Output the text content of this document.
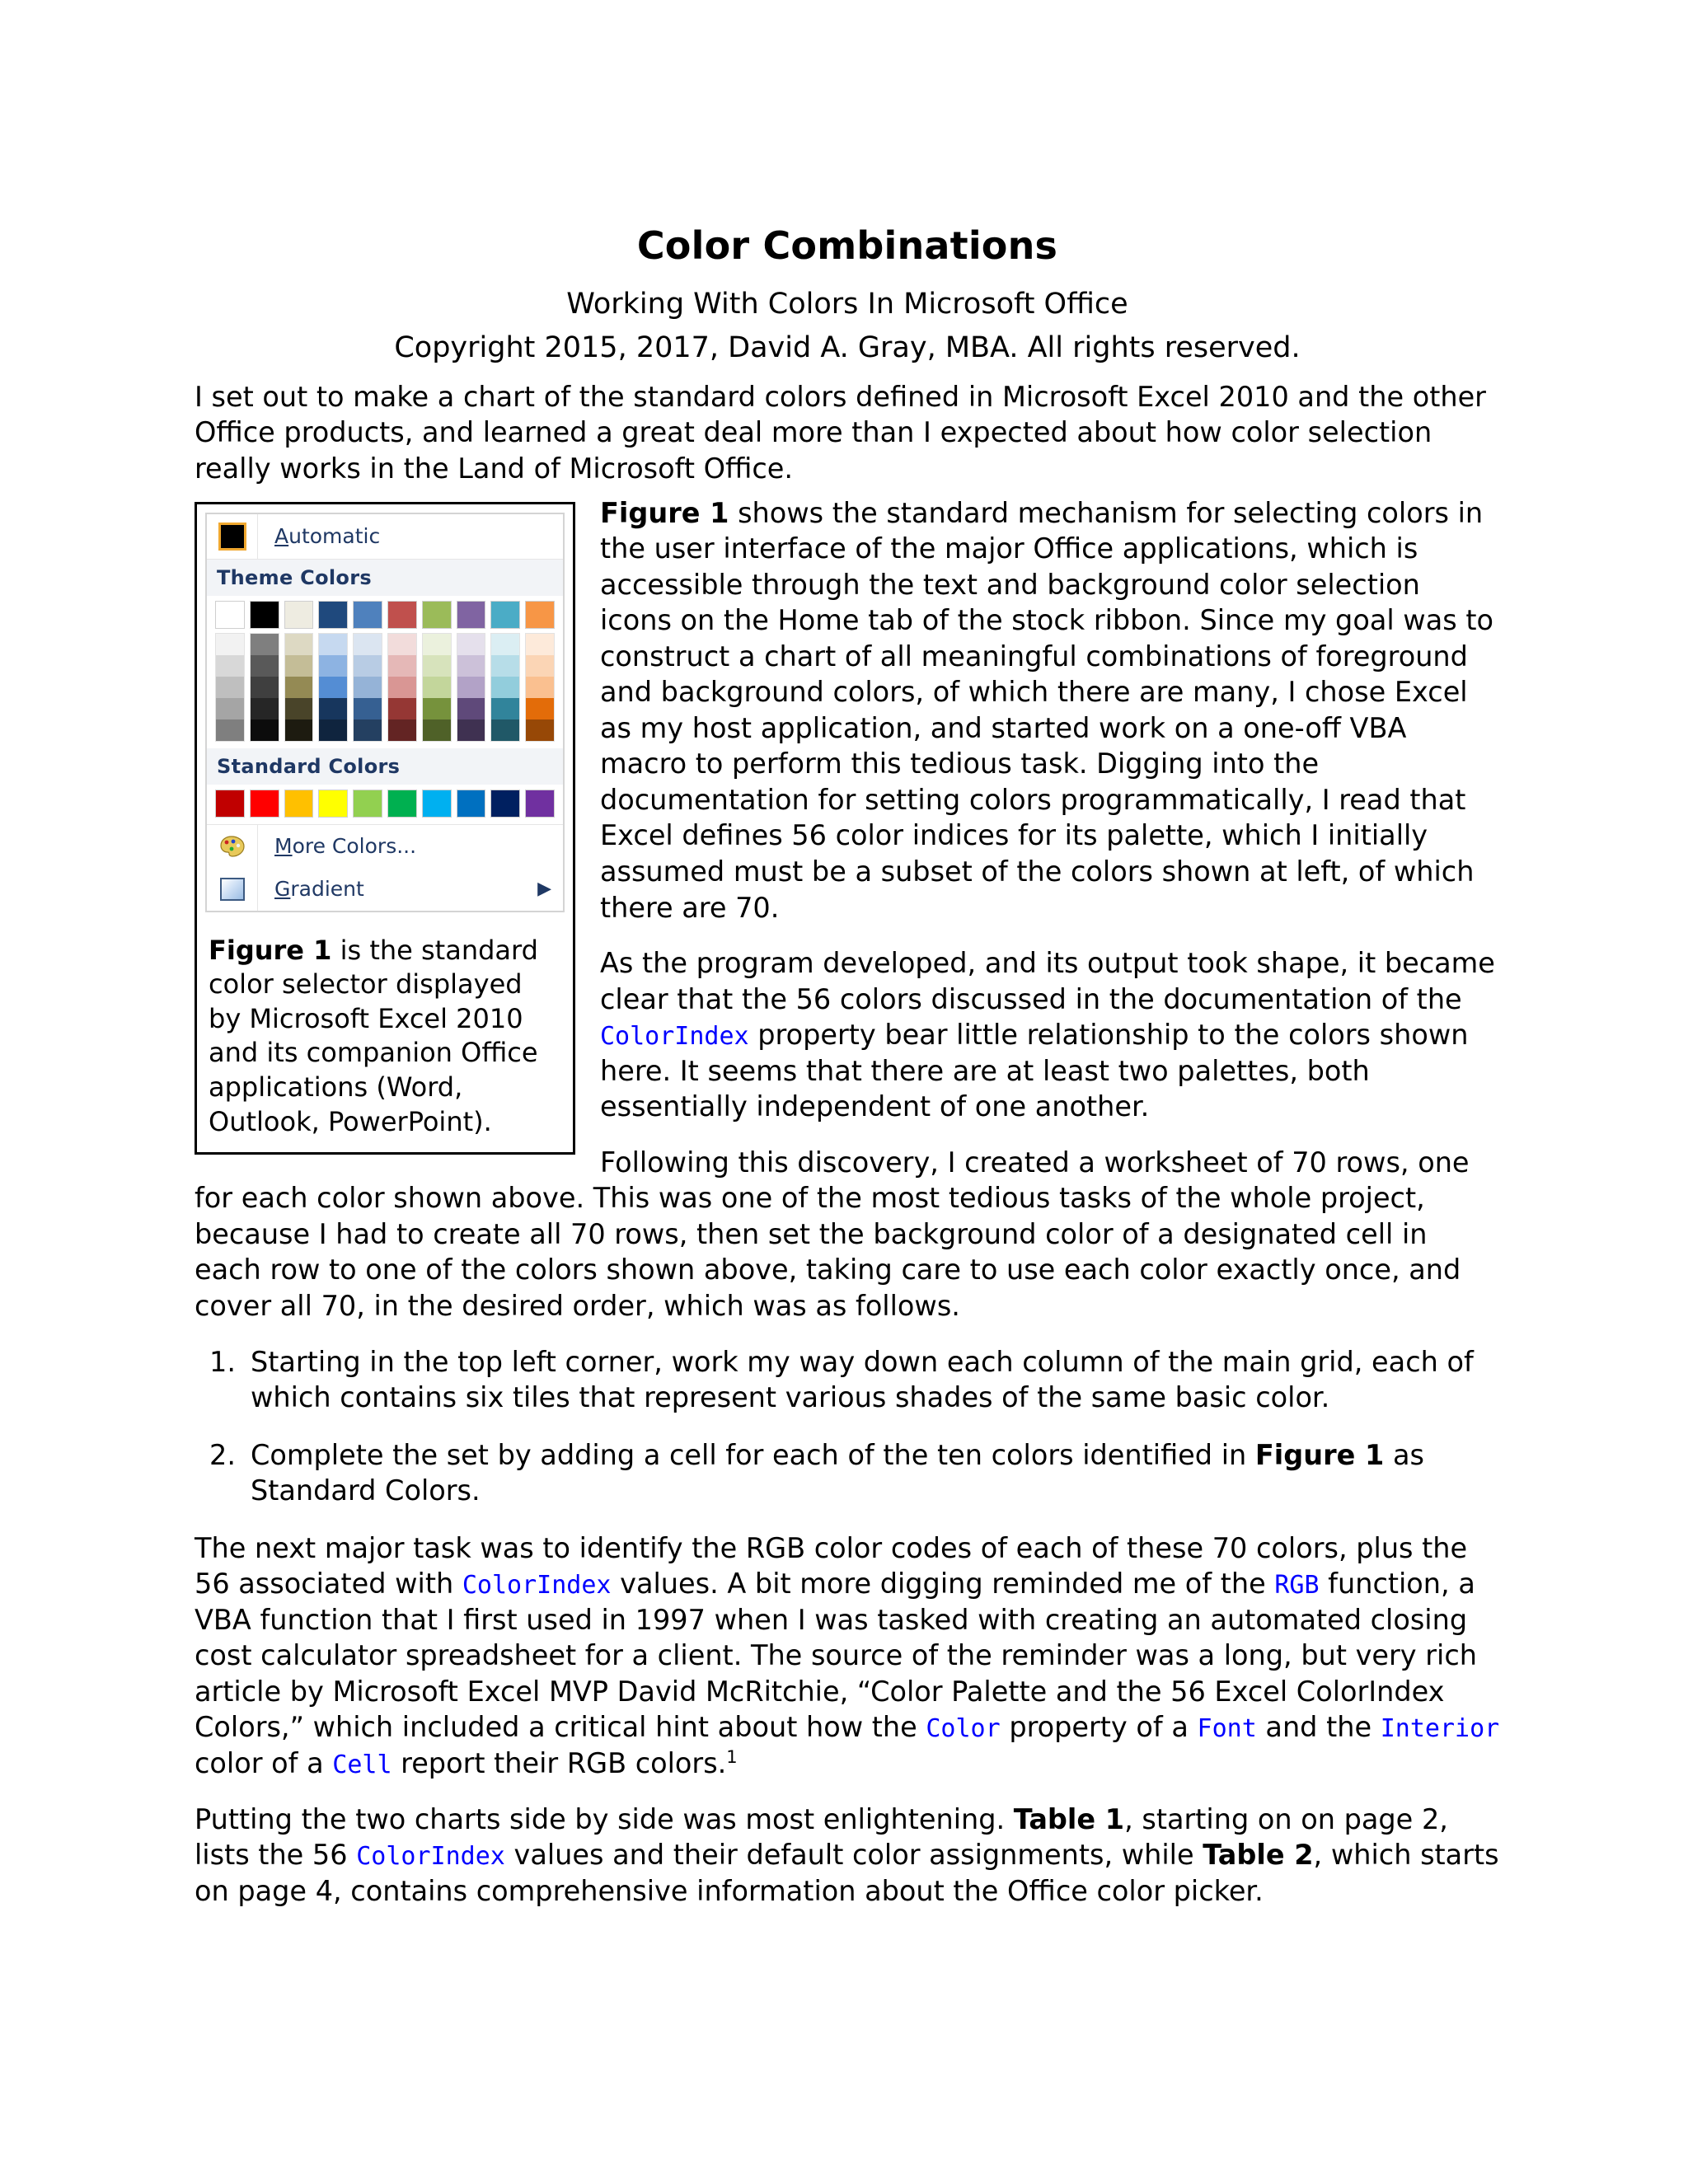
Color Combinations
Working With Colors In Microsoft Office
Copyright 2015, 2017, David A. Gray, MBA. All rights reserved.

I set out to make a chart of the standard colors defined in Microsoft Excel 2010 and the other Office products, and learned a great deal more than I expected about how color selection really works in the Land of Microsoft Office.

Automatic
Theme Colors
Standard Colors
More Colors...
Gradient	▶
Figure 1 is the standard color selector displayed by Microsoft Excel 2010 and its companion Office applications (Word, Outlook, PowerPoint).

Figure 1 shows the standard mechanism for selecting colors in the user interface of the major Office applications, which is accessible through the text and background color selection icons on the Home tab of the stock ribbon. Since my goal was to construct a chart of all meaningful combinations of foreground and background colors, of which there are many, I chose Excel as my host application, and started work on a one-off VBA macro to perform this tedious task. Digging into the documentation for setting colors programmatically, I read that Excel defines 56 color indices for its palette, which I initially assumed must be a subset of the colors shown at left, of which there are 70.

As the program developed, and its output took shape, it became clear that the 56 colors discussed in the documentation of the ColorIndex property bear little relationship to the colors shown here. It seems that there are at least two palettes, both essentially independent of one another.

Following this discovery, I created a worksheet of 70 rows, one for each color shown above. This was one of the most tedious tasks of the whole project, because I had to create all 70 rows, then set the background color of a designated cell in each row to one of the colors shown above, taking care to use each color exactly once, and cover all 70, in the desired order, which was as follows.

1. Starting in the top left corner, work my way down each column of the main grid, each of which contains six tiles that represent various shades of the same basic color.
2. Complete the set by adding a cell for each of the ten colors identified in Figure 1 as Standard Colors.

The next major task was to identify the RGB color codes of each of these 70 colors, plus the 56 associated with ColorIndex values. A bit more digging reminded me of the RGB function, a VBA function that I first used in 1997 when I was tasked with creating an automated closing cost calculator spreadsheet for a client. The source of the reminder was a long, but very rich article by Microsoft Excel MVP David McRitchie, “Color Palette and the 56 Excel ColorIndex Colors,” which included a critical hint about how the Color property of a Font and the Interior color of a Cell report their RGB colors.$^1$

Putting the two charts side by side was most enlightening. Table 1, starting on on page 2, lists the 56 ColorIndex values and their default color assignments, while Table 2, which starts on page 4, contains comprehensive information about the Office color picker.
